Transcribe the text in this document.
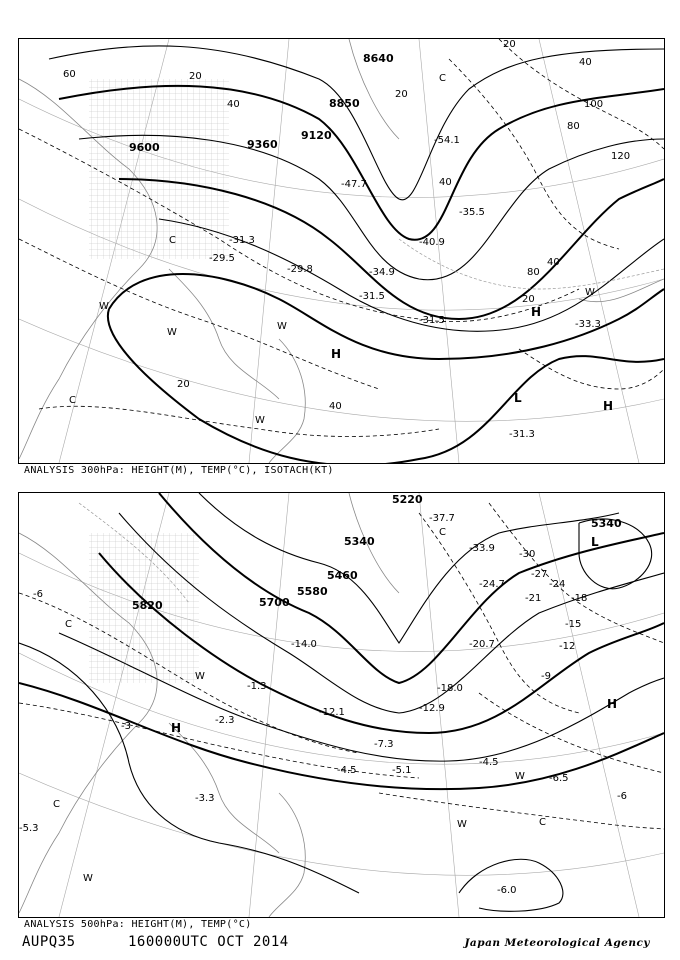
8640
8850
9120
9360
9600
60
40
20
40
20
120
80
100
40
80
20
40
20
20
40
-54.1
-47.7
-40.9
-35.5
-31.3
-29.5
-29.8
-31.5
-34.9
-31.5	-33.3
-31.3
H
H
L
H
C
W
W
W
C
W
C
W
ANALYSIS 300hPa: HEIGHT(M), TEMP(°C), ISOTACH(KT)
5220
5340
5460
5580
5700
5820
5340
-30
-27
-24
-21	-18
-15
-12
-9
-6
-3
-6
-37.7
-33.9
-24.7
-20.7
-18.0
-12.9
-7.3
-5.1
-4.5
-6.5
-4.5
-1.3
-2.3
-3.3
-5.3
-6.0
-14.0
-12.1
H
H
L
W
W
W
C
C
C
W
C
ANALYSIS 500hPa: HEIGHT(M), TEMP(°C)
AUPQ35	160000UTC OCT 2014	Japan Meteorological Agency
